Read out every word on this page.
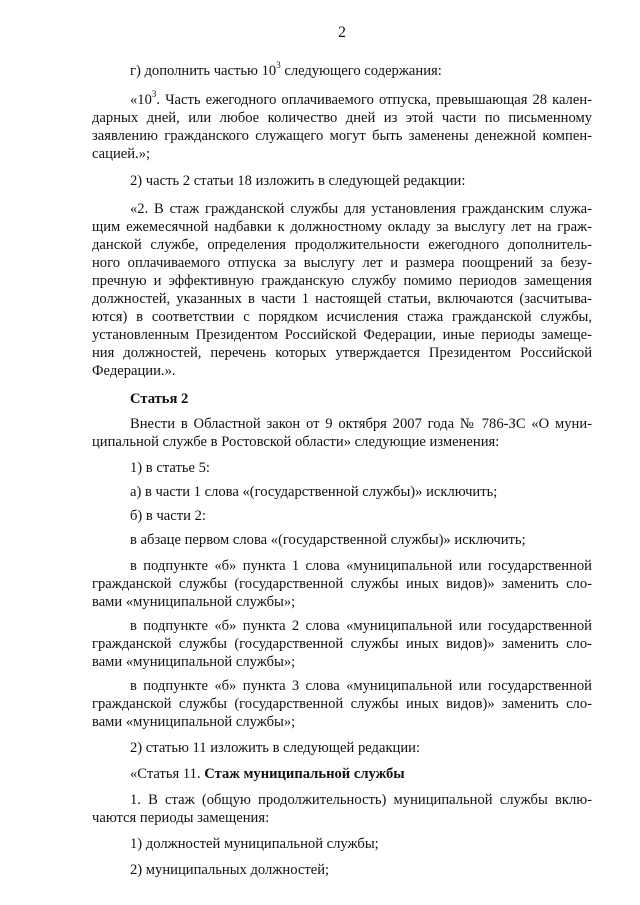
2
г) дополнить частью $10^3$ следующего содержания:
«$10^3$. Часть ежегодного оплачиваемого отпуска, превышающая 28 кален-
дарных дней, или любое количество дней из этой части по письменному
заявлению гражданского служащего могут быть заменены денежной компен-
сацией.»;
2) часть 2 статьи 18 изложить в следующей редакции:
«2. В стаж гражданской службы для установления гражданским служа-
щим ежемесячной надбавки к должностному окладу за выслугу лет на граж-
данской службе, определения продолжительности ежегодного дополнитель-
ного оплачиваемого отпуска за выслугу лет и размера поощрений за безу-
пречную и эффективную гражданскую службу помимо периодов замещения
должностей, указанных в части 1 настоящей статьи, включаются (засчитыва-
ются) в соответствии с порядком исчисления стажа гражданской службы,
установленным Президентом Российской Федерации, иные периоды замеще-
ния должностей, перечень которых утверждается Президентом Российской
Федерации.».
Статья 2
Внести в Областной закон от 9 октября 2007 года № 786-ЗС «О муни-
ципальной службе в Ростовской области» следующие изменения:
1) в статье 5:
а) в части 1 слова «(государственной службы)» исключить;
б) в части 2:
в абзаце первом слова «(государственной службы)» исключить;
в подпункте «б» пункта 1 слова «муниципальной или государственной
гражданской службы (государственной службы иных видов)» заменить сло-
вами «муниципальной службы»;
в подпункте «б» пункта 2 слова «муниципальной или государственной
гражданской службы (государственной службы иных видов)» заменить сло-
вами «муниципальной службы»;
в подпункте «б» пункта 3 слова «муниципальной или государственной
гражданской службы (государственной службы иных видов)» заменить сло-
вами «муниципальной службы»;
2) статью 11 изложить в следующей редакции:
«Статья 11. Стаж муниципальной службы
1. В стаж (общую продолжительность) муниципальной службы вклю-
чаются периоды замещения:
1) должностей муниципальной службы;
2) муниципальных должностей;
